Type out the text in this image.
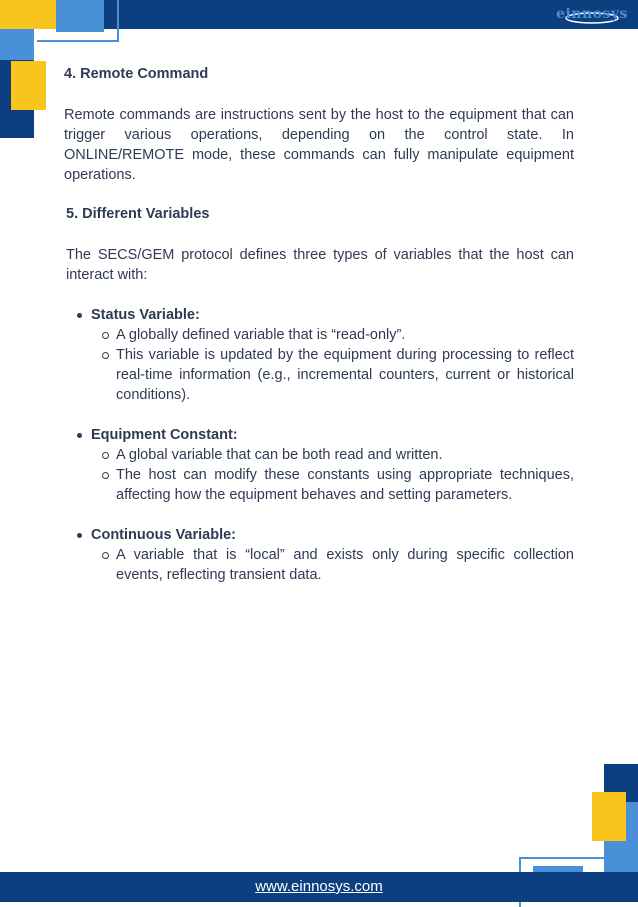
einnosys
4. Remote Command

Remote commands are instructions sent by the host to the equipment that can trigger various operations, depending on the control state. In ONLINE/REMOTE mode, these commands can fully manipulate equipment operations.

5. Different Variables

The SECS/GEM protocol defines three types of variables that the host can interact with:

Status Variable:
A globally defined variable that is “read-only”.
This variable is updated by the equipment during processing to reflect real-time information (e.g., incremental counters, current or historical conditions).
Equipment Constant:
A global variable that can be both read and written.
The host can modify these constants using appropriate techniques, affecting how the equipment behaves and setting parameters.
Continuous Variable:
A variable that is “local” and exists only during specific collection events, reflecting transient data.
www.einnosys.com
